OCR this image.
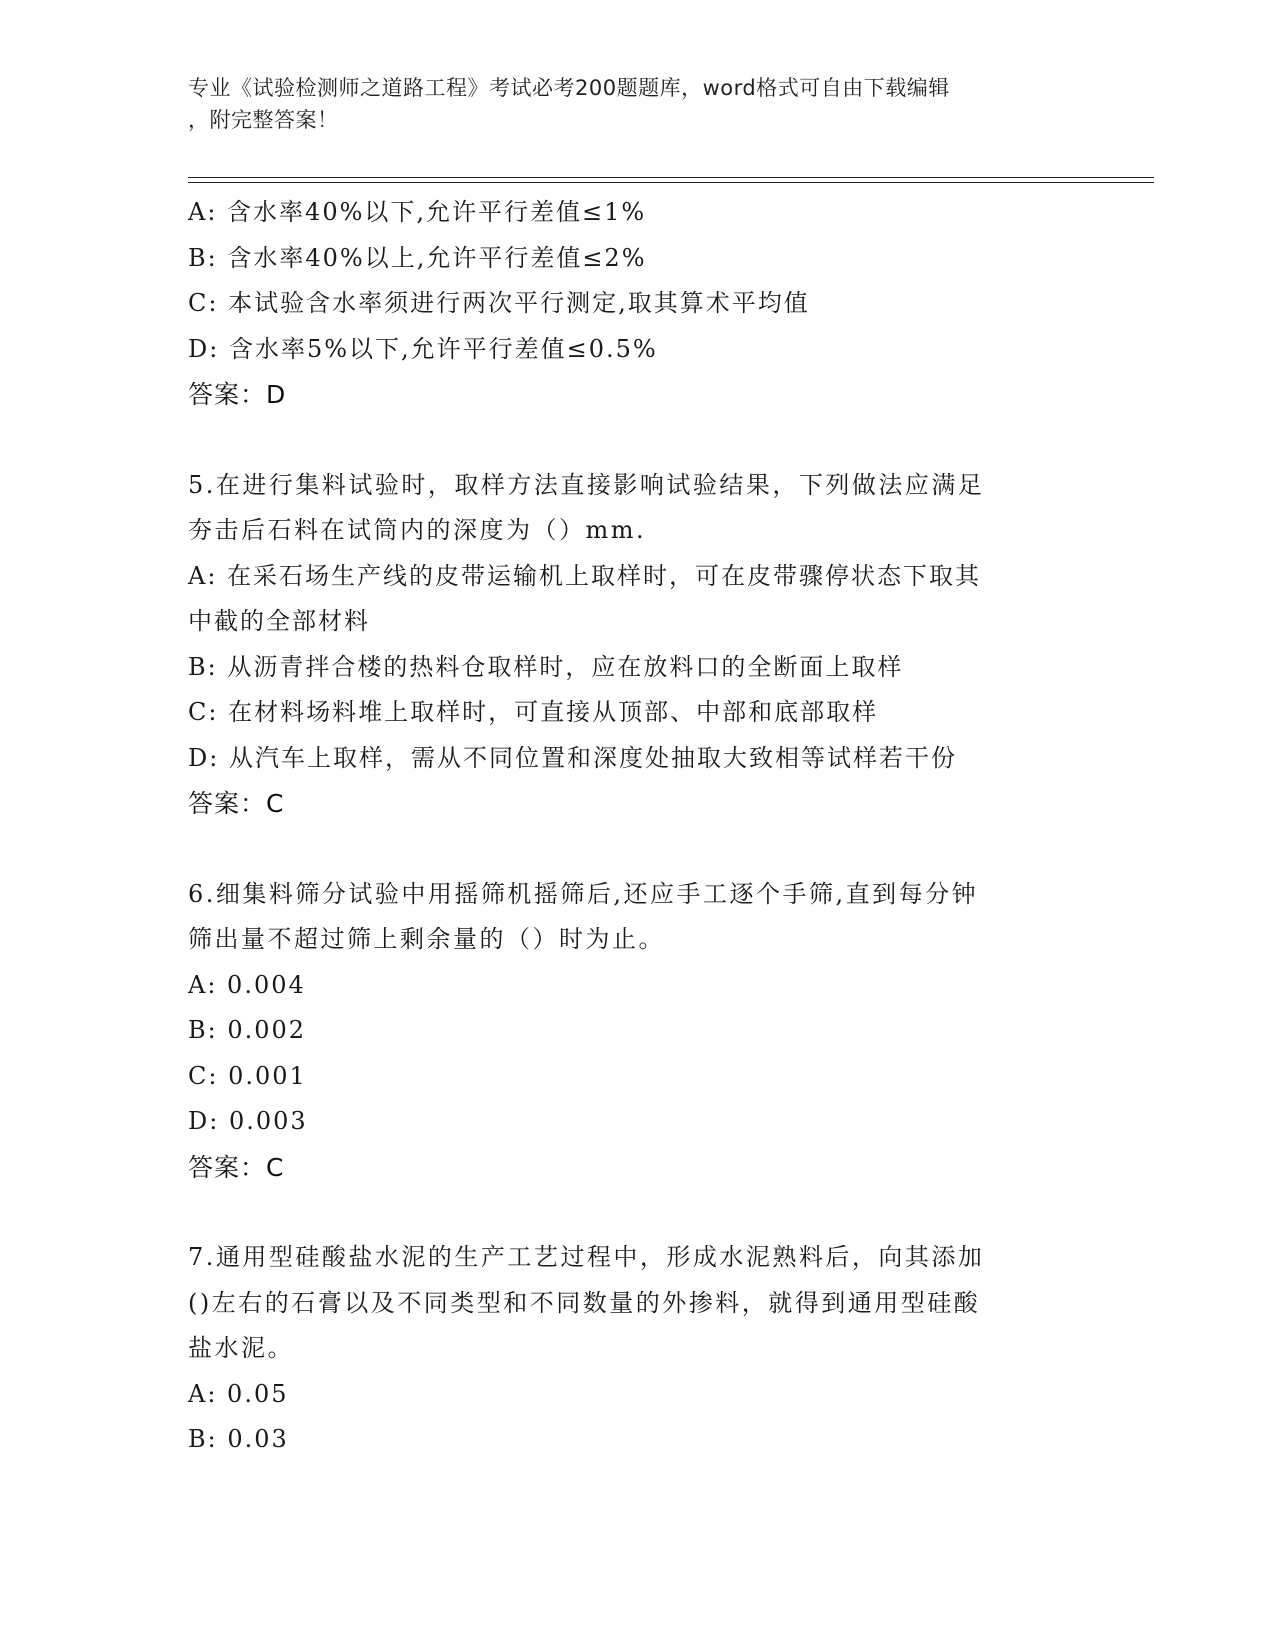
专业《试验检测师之道路工程》考试必考200题题库，word格式可自由下载编辑
，附完整答案！
A: 含水率40%以下,允许平行差值≤1%
B: 含水率40%以上,允许平行差值≤2%
C: 本试验含水率须进行两次平行测定,取其算术平均值
D: 含水率5%以下,允许平行差值≤0.5%
答案：D
5.在进行集料试验时，取样方法直接影响试验结果，下列做法应满足
夯击后石料在试筒内的深度为（）mm.
A: 在采石场生产线的皮带运输机上取样时，可在皮带骤停状态下取其
中截的全部材料
B: 从沥青拌合楼的热料仓取样时，应在放料口的全断面上取样
C: 在材料场料堆上取样时，可直接从顶部、中部和底部取样
D: 从汽车上取样，需从不同位置和深度处抽取大致相等试样若干份
答案：C
6.细集料筛分试验中用摇筛机摇筛后,还应手工逐个手筛,直到每分钟
筛出量不超过筛上剩余量的（）时为止。
A: 0.004
B: 0.002
C: 0.001
D: 0.003
答案：C
7.通用型硅酸盐水泥的生产工艺过程中，形成水泥熟料后，向其添加
()左右的石膏以及不同类型和不同数量的外掺料，就得到通用型硅酸
盐水泥。
A: 0.05
B: 0.03
